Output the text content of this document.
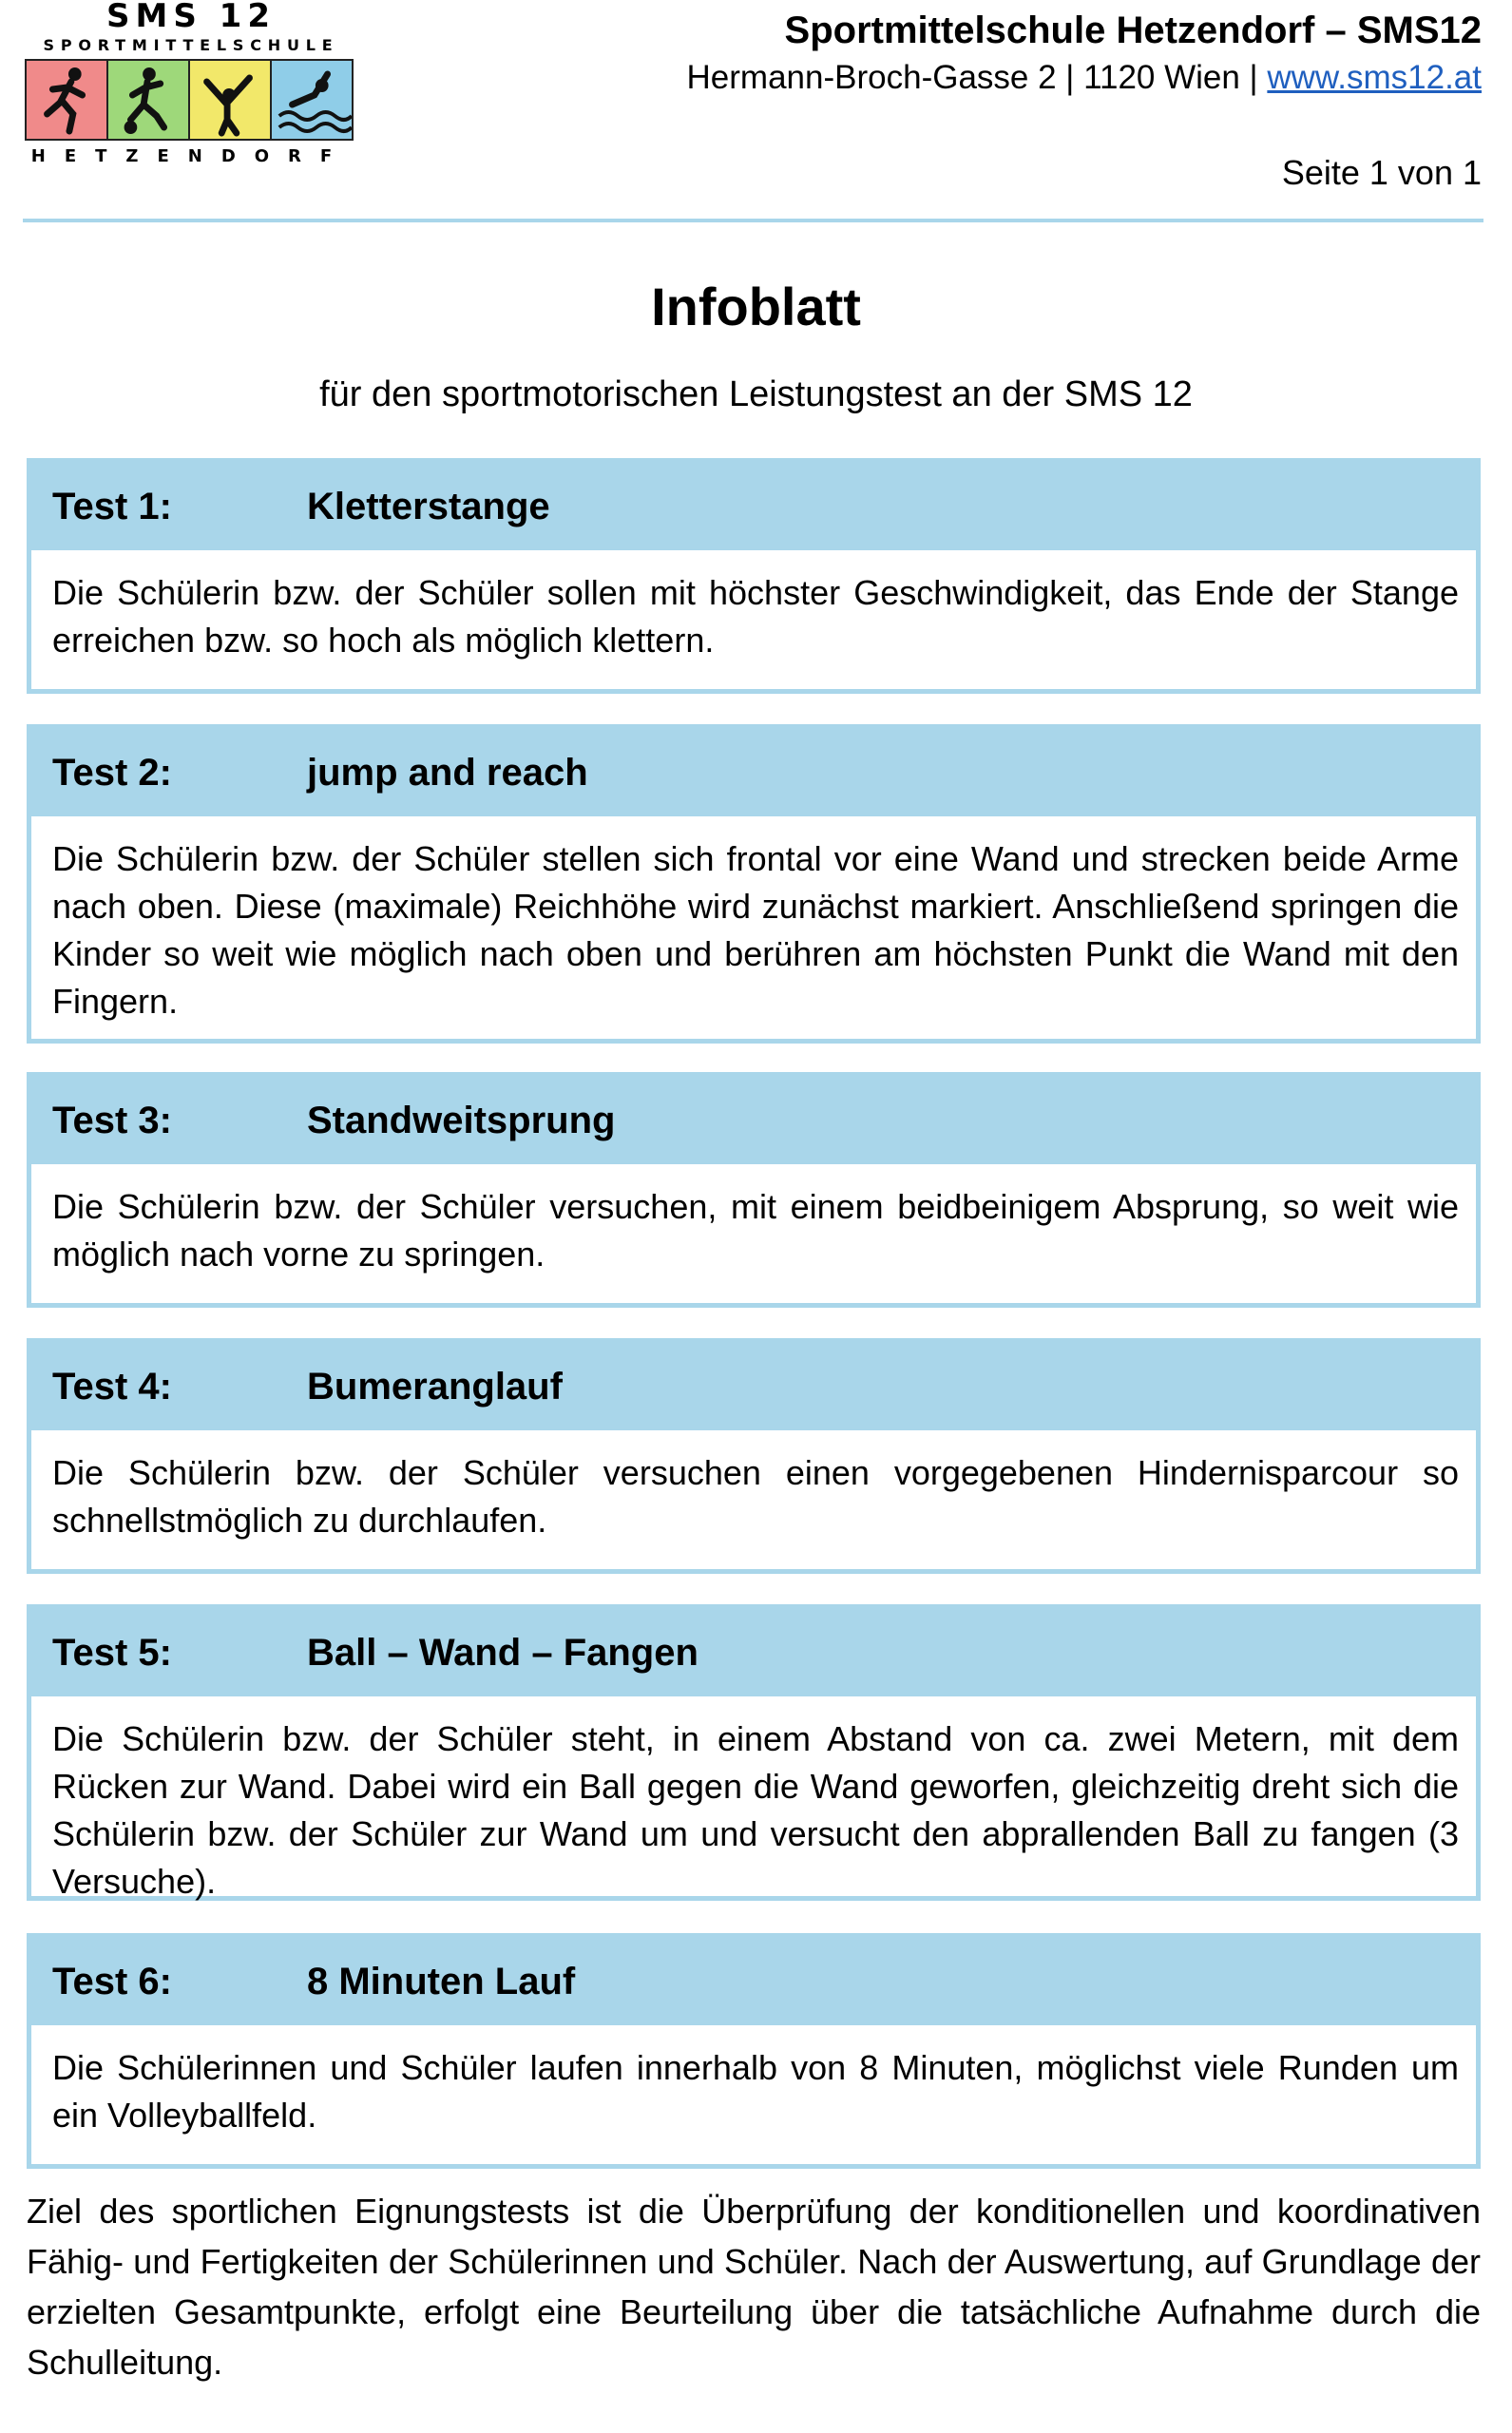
SMS 12
SPORTMITTELSCHULE
HETZENDORF
Sportmittelschule Hetzendorf – SMS12
Hermann-Broch-Gasse 2 | 1120 Wien | www.sms12.at
Seite 1 von 1
Infoblatt
für den sportmotorischen Leistungstest an der SMS 12
Test 1:	Kletterstange
Die Schülerin bzw. der Schüler sollen mit höchster Geschwindigkeit, das Ende der Stange erreichen bzw. so hoch als möglich klettern.
Test 2:	jump and reach
Die Schülerin bzw. der Schüler stellen sich frontal vor eine Wand und strecken beide Arme nach oben. Diese (maximale) Reichhöhe wird zunächst markiert. Anschließend springen die Kinder so weit wie möglich nach oben und berühren am höchsten Punkt die Wand mit den Fingern.
Test 3:	Standweitsprung
Die Schülerin bzw. der Schüler versuchen, mit einem beidbeinigem Absprung, so weit wie möglich nach vorne zu springen.
Test 4:	Bumeranglauf
Die Schülerin bzw. der Schüler versuchen einen vorgegebenen Hindernisparcour so schnellstmöglich zu durchlaufen.
Test 5:	Ball – Wand – Fangen
Die Schülerin bzw. der Schüler steht, in einem Abstand von ca. zwei Metern, mit dem Rücken zur Wand. Dabei wird ein Ball gegen die Wand geworfen, gleichzeitig dreht sich die Schülerin bzw. der Schüler zur Wand um und versucht den abprallenden Ball zu fangen (3 Versuche).
Test 6:	8 Minuten Lauf
Die Schülerinnen und Schüler laufen innerhalb von 8 Minuten, möglichst viele Runden um ein Volleyballfeld.
Ziel des sportlichen Eignungstests ist die Überprüfung der konditionellen und koordinativen Fähig- und Fertigkeiten der Schülerinnen und Schüler. Nach der Auswertung, auf Grundlage der erzielten Gesamtpunkte, erfolgt eine Beurteilung über die tatsächliche Aufnahme durch die Schulleitung.
